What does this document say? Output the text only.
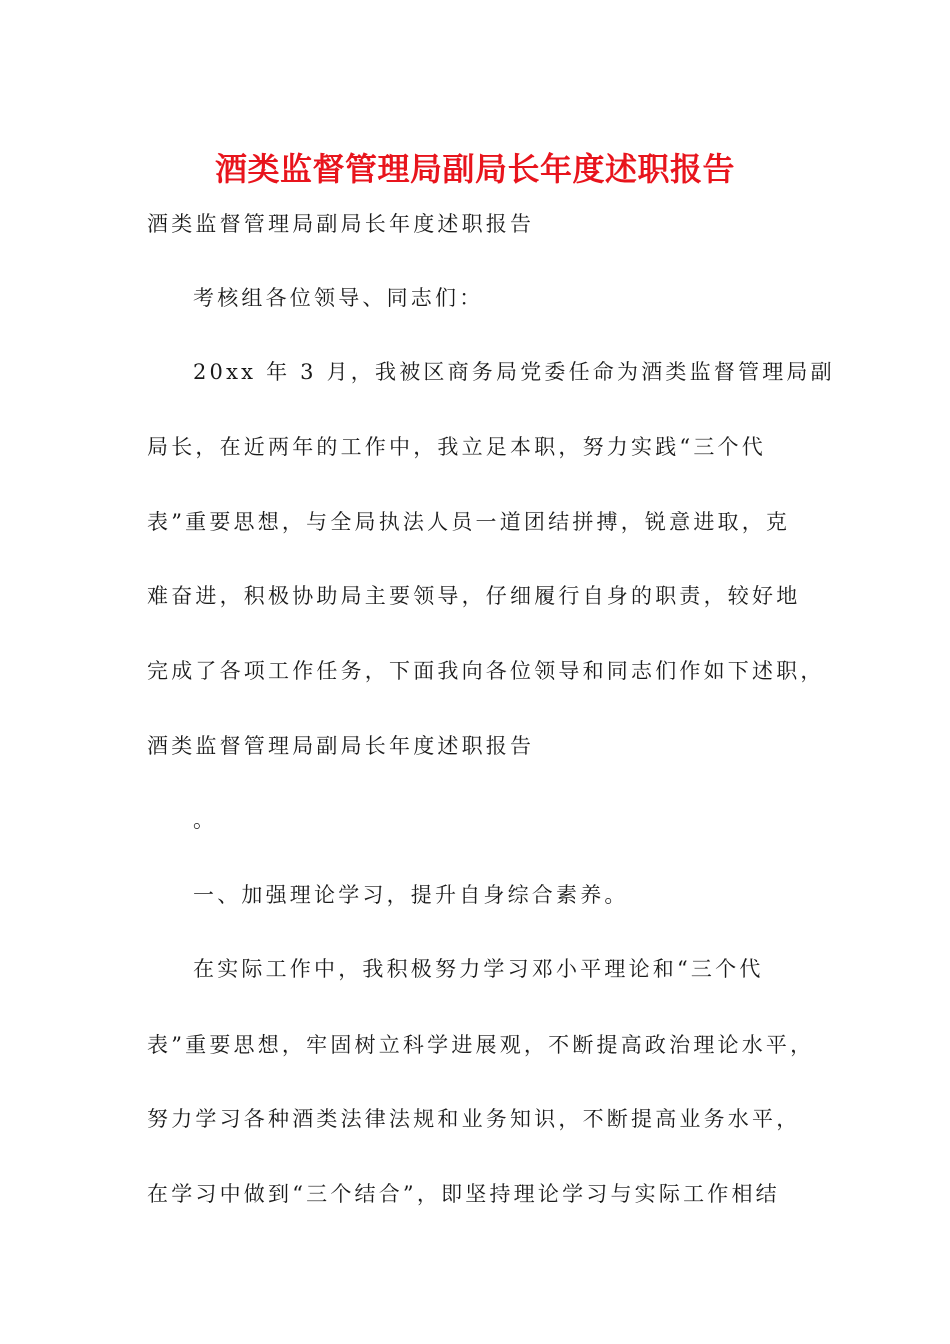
酒类监督管理局副局长年度述职报告

酒类监督管理局副局长年度述职报告

考核组各位领导、同志们：

20xx 年 3 月，我被区商务局党委任命为酒类监督管理局副

局长，在近两年的工作中，我立足本职，努力实践“三个代

表”重要思想，与全局执法人员一道团结拼搏，锐意进取，克

难奋进，积极协助局主要领导，仔细履行自身的职责，较好地

完成了各项工作任务，下面我向各位领导和同志们作如下述职，

酒类监督管理局副局长年度述职报告

。

一、加强理论学习，提升自身综合素养。

在实际工作中，我积极努力学习邓小平理论和“三个代

表”重要思想，牢固树立科学进展观，不断提高政治理论水平，

努力学习各种酒类法律法规和业务知识，不断提高业务水平，

在学习中做到“三个结合”，即坚持理论学习与实际工作相结
